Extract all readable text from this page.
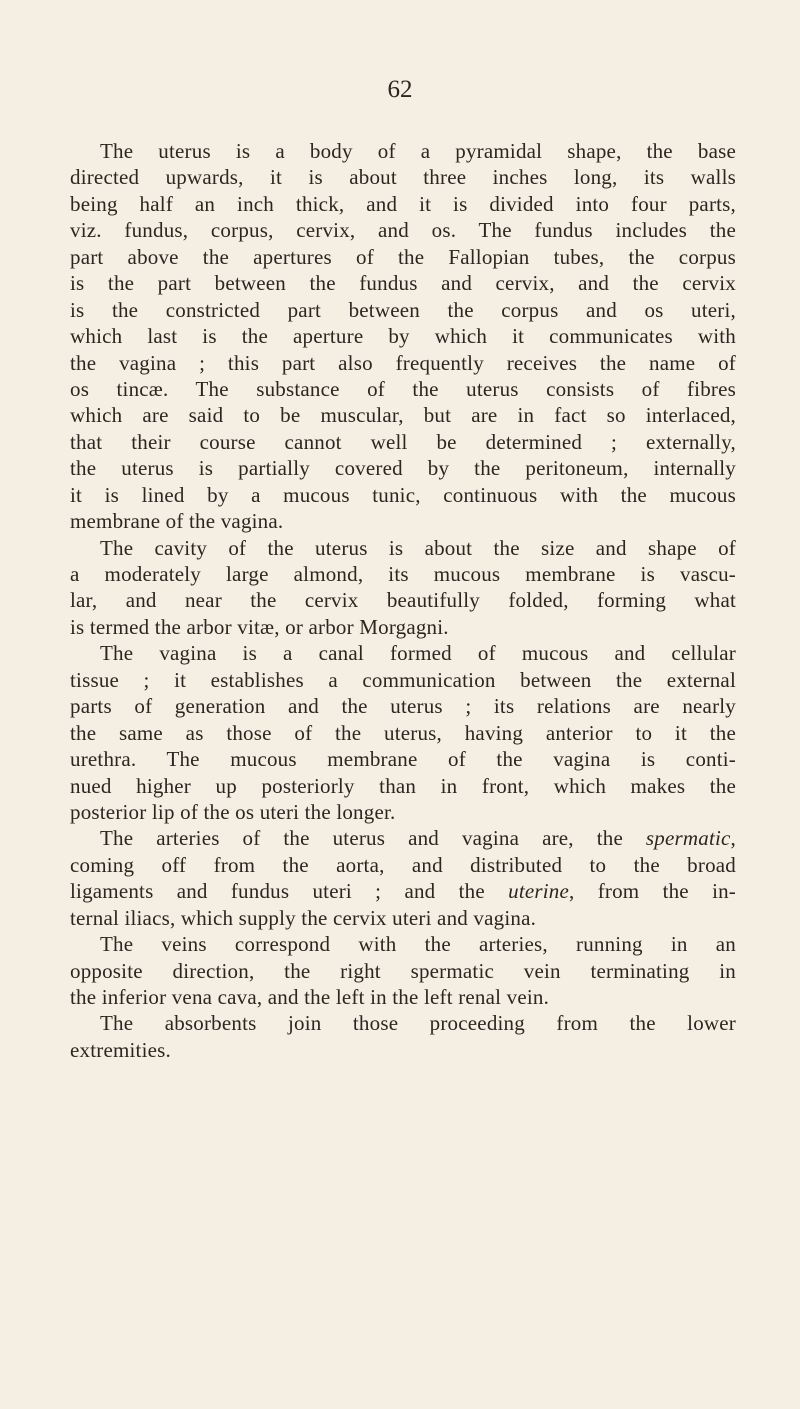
62
The uterus is a body of a pyramidal shape, the base
directed upwards, it is about three inches long, its walls
being half an inch thick, and it is divided into four parts,
viz. fundus, corpus, cervix, and os. The fundus includes the
part above the apertures of the Fallopian tubes, the corpus
is the part between the fundus and cervix, and the cervix
is the constricted part between the corpus and os uteri,
which last is the aperture by which it communicates with
the vagina ; this part also frequently receives the name of
os tincæ. The substance of the uterus consists of fibres
which are said to be muscular, but are in fact so interlaced,
that their course cannot well be determined ; externally,
the uterus is partially covered by the peritoneum, internally
it is lined by a mucous tunic, continuous with the mucous
membrane of the vagina.
The cavity of the uterus is about the size and shape of
a moderately large almond, its mucous membrane is vascu-
lar, and near the cervix beautifully folded, forming what
is termed the arbor vitæ, or arbor Morgagni.
The vagina is a canal formed of mucous and cellular
tissue ; it establishes a communication between the external
parts of generation and the uterus ; its relations are nearly
the same as those of the uterus, having anterior to it the
urethra. The mucous membrane of the vagina is conti-
nued higher up posteriorly than in front, which makes the
posterior lip of the os uteri the longer.
The arteries of the uterus and vagina are, the spermatic,
coming off from the aorta, and distributed to the broad
ligaments and fundus uteri ; and the uterine, from the in-
ternal iliacs, which supply the cervix uteri and vagina.
The veins correspond with the arteries, running in an
opposite direction, the right spermatic vein terminating in
the inferior vena cava, and the left in the left renal vein.
The absorbents join those proceeding from the lower
extremities.
